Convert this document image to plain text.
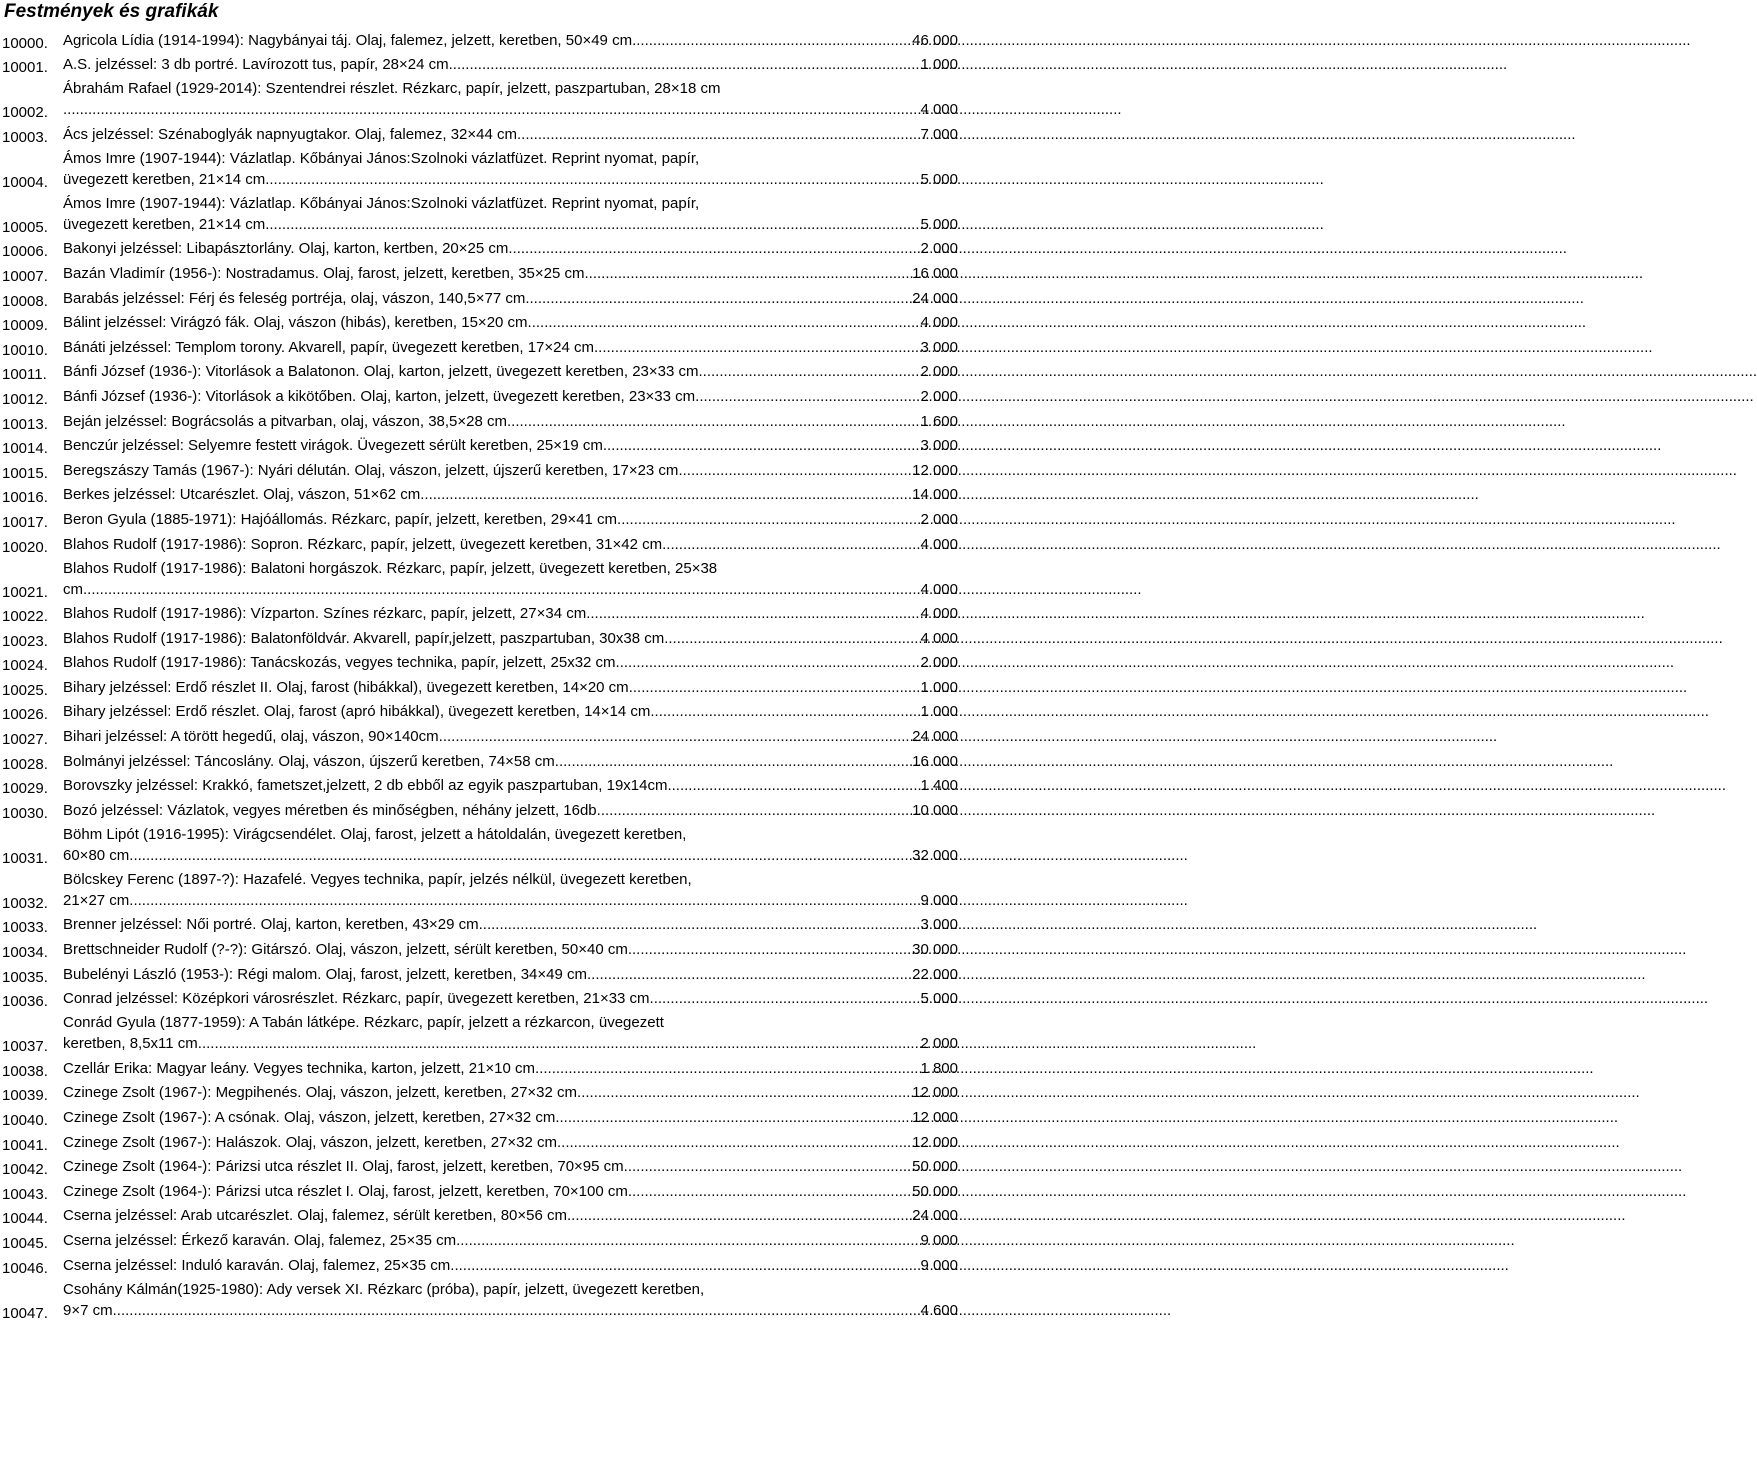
Festmények és grafikák
10000. Agricola Lídia (1914-1994): Nagybányai táj. Olaj, falemez, jelzett, keretben, 50×49 cm .....	46 000
10001. A.S. jelzéssel: 3 db portré. Lavírozott tus, papír, 28×24 cm .....	1 000
10002.
Ábrahám Rafael (1929-2014): Szentendrei részlet. Rézkarc, papír, jelzett, paszpartuban, 28×18 cm
.....
4 000
10003. Ács jelzéssel: Szénaboglyák napnyugtakor. Olaj, falemez, 32×44 cm .....	7 000
10004.
Ámos Imre (1907-1944): Vázlatlap. Kőbányai János:Szolnoki vázlatfüzet. Reprint nyomat, papír,
üvegezett keretben, 21×14 cm .....	5 000
10005.
Ámos Imre (1907-1944): Vázlatlap. Kőbányai János:Szolnoki vázlatfüzet. Reprint nyomat, papír,
üvegezett keretben, 21×14 cm .....	5 000
10006. Bakonyi jelzéssel: Libapásztorlány. Olaj, karton, kertben, 20×25 cm .....	2 000
10007. Bazán Vladimír (1956-): Nostradamus. Olaj, farost, jelzett, keretben, 35×25 cm .....	16 000
10008. Barabás jelzéssel: Férj és feleség portréja, olaj, vászon, 140,5×77 cm .....	24 000
10009. Bálint jelzéssel: Virágzó fák. Olaj, vászon (hibás), keretben, 15×20 cm .....	4 000
10010. Bánáti jelzéssel: Templom torony. Akvarell, papír, üvegezett keretben, 17×24 cm .....	3 000
10011. Bánfi József (1936-): Vitorlások a Balatonon. Olaj, karton, jelzett, üvegezett keretben, 23×33 cm .....	2 000
10012. Bánfi József (1936-): Vitorlások a kikötőben. Olaj, karton, jelzett, üvegezett keretben, 23×33 cm .....	2 000
10013. Beján jelzéssel: Bográcsolás a pitvarban, olaj, vászon, 38,5×28 cm .....	1 600
10014. Benczúr jelzéssel: Selyemre festett virágok. Üvegezett sérült keretben, 25×19 cm .....	3 000
10015. Beregszászy Tamás (1967-): Nyári délután. Olaj, vászon, jelzett, újszerű keretben, 17×23 cm .....	12 000
10016. Berkes jelzéssel: Utcarészlet. Olaj, vászon, 51×62 cm .....	14 000
10017. Beron Gyula (1885-1971): Hajóállomás. Rézkarc, papír, jelzett, keretben, 29×41 cm .....	2 000
10020. Blahos Rudolf (1917-1986): Sopron. Rézkarc, papír, jelzett, üvegezett keretben, 31×42 cm .....	4 000
10021.
Blahos Rudolf (1917-1986): Balatoni horgászok. Rézkarc, papír, jelzett, üvegezett keretben, 25×38
cm .....	4 000
10022. Blahos Rudolf (1917-1986): Vízparton. Színes rézkarc, papír, jelzett, 27×34 cm .....	4 000
10023. Blahos Rudolf (1917-1986): Balatonföldvár. Akvarell, papír,jelzett, paszpartuban, 30x38 cm .....	4 000
10024. Blahos Rudolf (1917-1986): Tanácskozás, vegyes technika, papír, jelzett, 25x32 cm .....	2 000
10025. Bihary jelzéssel: Erdő részlet II. Olaj, farost (hibákkal), üvegezett keretben, 14×20 cm .....	1 000
10026. Bihary jelzéssel: Erdő részlet. Olaj, farost (apró hibákkal), üvegezett keretben, 14×14 cm .....	1 000
10027. Bihari jelzéssel: A törött hegedű, olaj, vászon, 90×140cm .....	24 000
10028. Bolmányi jelzéssel: Táncoslány. Olaj, vászon, újszerű keretben, 74×58 cm .....	16 000
10029. Borovszky jelzéssel: Krakkó, fametszet,jelzett, 2 db ebből az egyik paszpartuban, 19x14cm .....	1 400
10030. Bozó jelzéssel: Vázlatok, vegyes méretben és minőségben, néhány jelzett, 16db .....	10 000
10031.
Böhm Lipót (1916-1995): Virágcsendélet. Olaj, farost, jelzett a hátoldalán, üvegezett keretben,
60×80 cm .....	32 000
10032.
Bölcskey Ferenc (1897-?): Hazafelé. Vegyes technika, papír, jelzés nélkül, üvegezett keretben,
21×27 cm .....	9 000
10033. Brenner jelzéssel: Női portré. Olaj, karton, keretben, 43×29 cm .....	3 000
10034. Brettschneider Rudolf (?-?): Gitárszó. Olaj, vászon, jelzett, sérült keretben, 50×40 cm .....	30 000
10035. Bubelényi László (1953-): Régi malom. Olaj, farost, jelzett, keretben, 34×49 cm .....	22 000
10036. Conrad jelzéssel: Középkori városrészlet. Rézkarc, papír, üvegezett keretben, 21×33 cm .....	5 000
10037.
Conrád Gyula (1877-1959): A Tabán látképe. Rézkarc, papír, jelzett a rézkarcon, üvegezett
keretben, 8,5x11 cm .....	2 000
10038. Czellár Erika: Magyar leány. Vegyes technika, karton, jelzett, 21×10 cm .....	1 800
10039. Czinege Zsolt (1967-): Megpihenés. Olaj, vászon, jelzett, keretben, 27×32 cm. .....	12 000
10040. Czinege Zsolt (1967-): A csónak. Olaj, vászon, jelzett, keretben, 27×32 cm. .....	12 000
10041. Czinege Zsolt (1967-): Halászok. Olaj, vászon, jelzett, keretben, 27×32 cm. .....	12 000
10042. Czinege Zsolt (1964-): Párizsi utca részlet II. Olaj, farost, jelzett, keretben, 70×95 cm .....	50 000
10043. Czinege Zsolt (1964-): Párizsi utca részlet I. Olaj, farost, jelzett, keretben, 70×100 cm .....	50 000
10044. Cserna jelzéssel: Arab utcarészlet. Olaj, falemez, sérült keretben, 80×56 cm .....	24 000
10045. Cserna jelzéssel: Érkező karaván. Olaj, falemez, 25×35 cm .....	9 000
10046. Cserna jelzéssel: Induló karaván. Olaj, falemez, 25×35 cm .....	9 000
10047.
Csohány Kálmán(1925-1980): Ady versek XI. Rézkarc (próba), papír, jelzett, üvegezett keretben,
9×7 cm .....	4 600
